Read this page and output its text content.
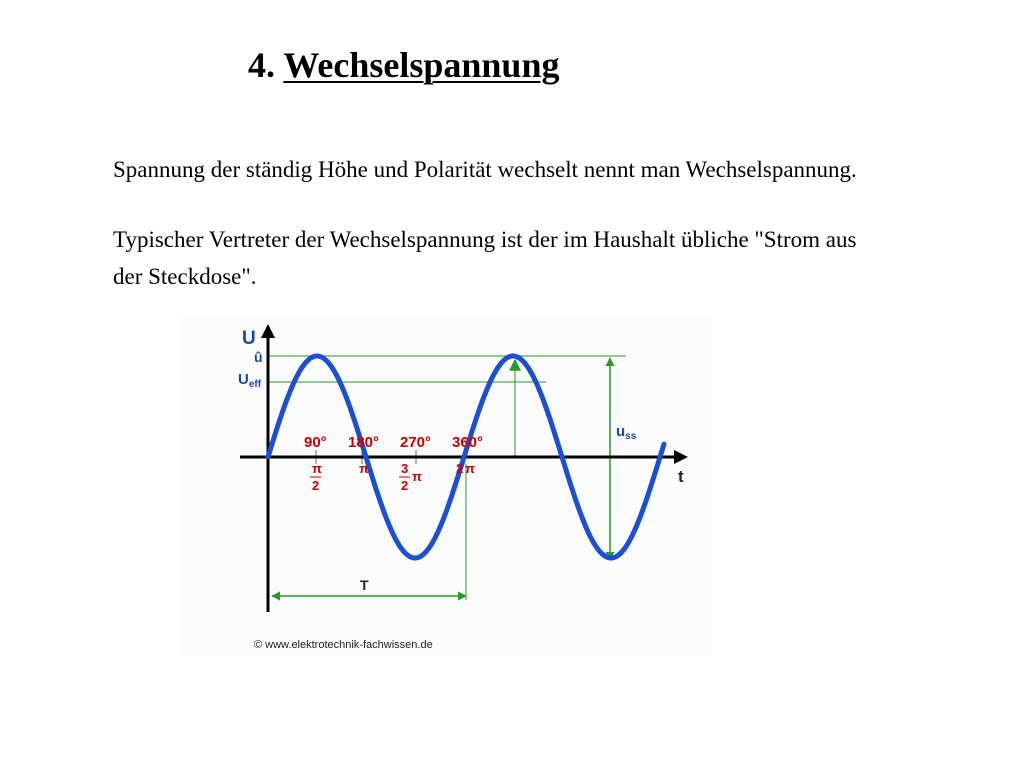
4. Wechselspannung

Spannung der ständig Höhe und Polarität wechselt nennt man Wechselspannung.

Typischer Vertreter der Wechselspannung ist der im Haushalt übliche "Strom aus der Steckdose".

U
û
$U_{eff}$
$u_{ss}$
t
T
90° 180° 270° 360°
π
2
π 3
2
π
2 π
© www.elektrotechnik-fachwissen.de
